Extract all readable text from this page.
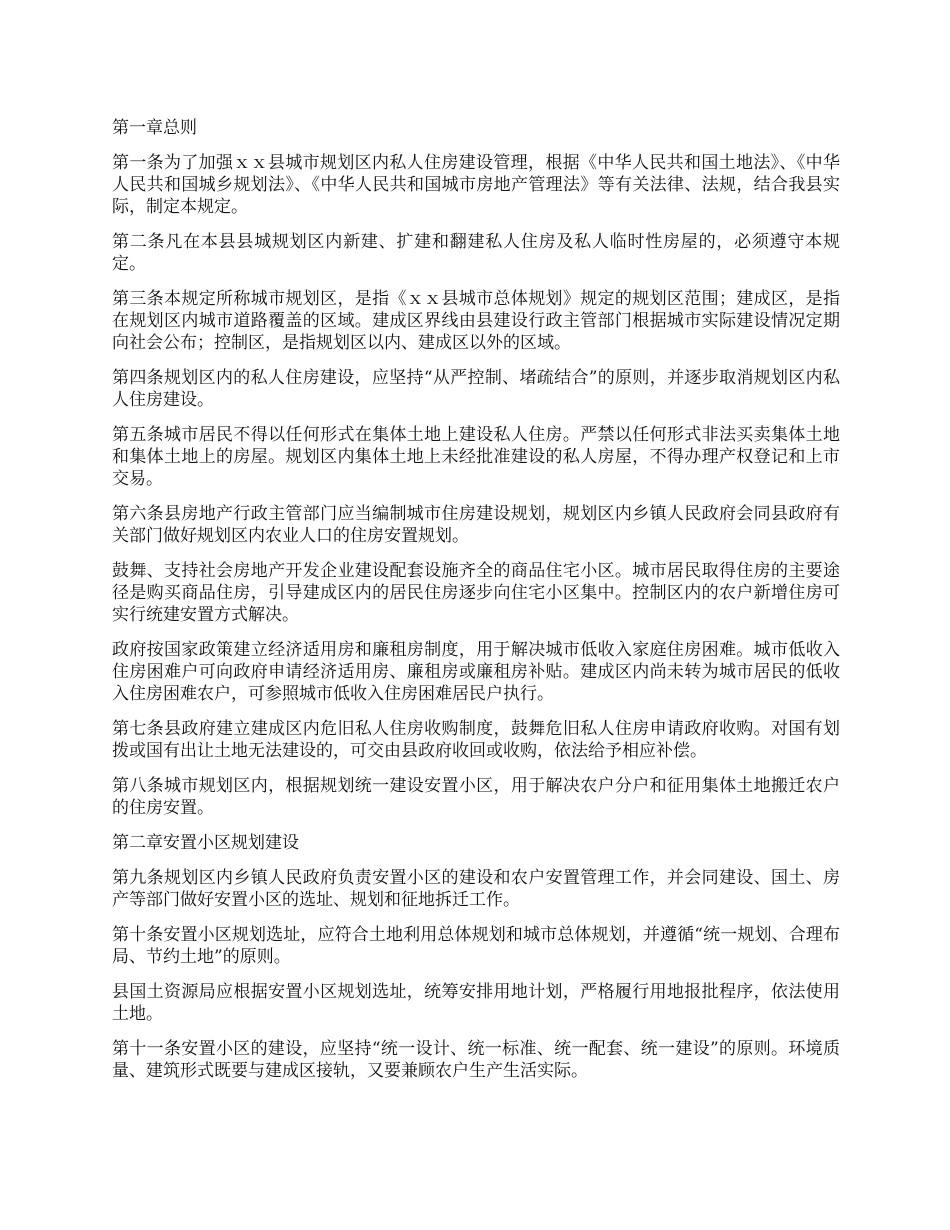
第一章总则

第一条为了加强ｘｘ县城市规划区内私人住房建设管理，根据《中华人民共和国土地法》、《中华人民共和国城乡规划法》、《中华人民共和国城市房地产管理法》等有关法律、法规，结合我县实际，制定本规定。

第二条凡在本县县城规划区内新建、扩建和翻建私人住房及私人临时性房屋的，必须遵守本规定。

第三条本规定所称城市规划区，是指《ｘｘ县城市总体规划》规定的规划区范围；建成区，是指在规划区内城市道路覆盖的区域。建成区界线由县建设行政主管部门根据城市实际建设情况定期向社会公布；控制区，是指规划区以内、建成区以外的区域。

第四条规划区内的私人住房建设，应坚持“从严控制、堵疏结合”的原则，并逐步取消规划区内私人住房建设。

第五条城市居民不得以任何形式在集体土地上建设私人住房。严禁以任何形式非法买卖集体土地和集体土地上的房屋。规划区内集体土地上未经批准建设的私人房屋，不得办理产权登记和上市交易。

第六条县房地产行政主管部门应当编制城市住房建设规划，规划区内乡镇人民政府会同县政府有关部门做好规划区内农业人口的住房安置规划。

鼓舞、支持社会房地产开发企业建设配套设施齐全的商品住宅小区。城市居民取得住房的主要途径是购买商品住房，引导建成区内的居民住房逐步向住宅小区集中。控制区内的农户新增住房可实行统建安置方式解决。

政府按国家政策建立经济适用房和廉租房制度，用于解决城市低收入家庭住房困难。城市低收入住房困难户可向政府申请经济适用房、廉租房或廉租房补贴。建成区内尚未转为城市居民的低收入住房困难农户，可参照城市低收入住房困难居民户执行。

第七条县政府建立建成区内危旧私人住房收购制度，鼓舞危旧私人住房申请政府收购。对国有划拨或国有出让土地无法建设的，可交由县政府收回或收购，依法给予相应补偿。

第八条城市规划区内，根据规划统一建设安置小区，用于解决农户分户和征用集体土地搬迁农户的住房安置。

第二章安置小区规划建设

第九条规划区内乡镇人民政府负责安置小区的建设和农户安置管理工作，并会同建设、国土、房产等部门做好安置小区的选址、规划和征地拆迁工作。

第十条安置小区规划选址，应符合土地利用总体规划和城市总体规划，并遵循“统一规划、合理布局、节约土地”的原则。

县国土资源局应根据安置小区规划选址，统筹安排用地计划，严格履行用地报批程序，依法使用土地。

第十一条安置小区的建设，应坚持“统一设计、统一标准、统一配套、统一建设”的原则。环境质量、建筑形式既要与建成区接轨，又要兼顾农户生产生活实际。
